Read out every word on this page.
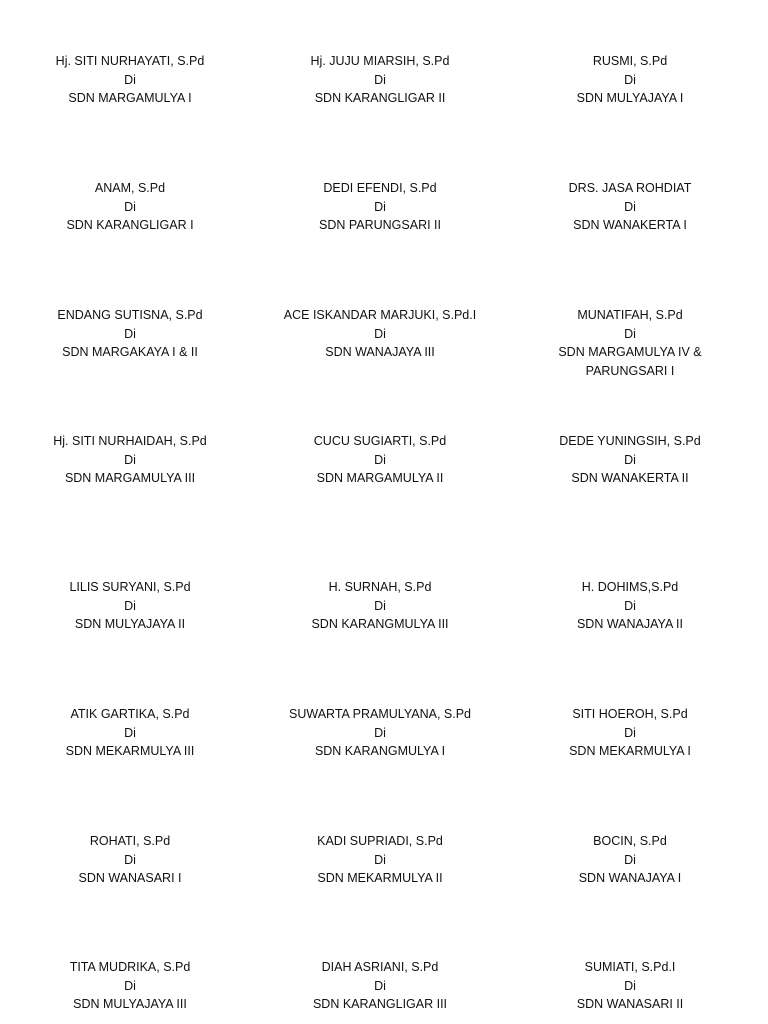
Hj. SITI NURHAYATI, S.Pd
Di
SDN MARGAMULYA I
Hj. JUJU MIARSIH, S.Pd
Di
SDN KARANGLIGAR II
RUSMI, S.Pd
Di
SDN MULYAJAYA I
ANAM, S.Pd
Di
SDN KARANGLIGAR I
DEDI EFENDI, S.Pd
Di
SDN PARUNGSARI II
DRS. JASA ROHDIAT
Di
SDN WANAKERTA I
ENDANG SUTISNA, S.Pd
Di
SDN MARGAKAYA I & II
ACE ISKANDAR MARJUKI, S.Pd.I
Di
SDN WANAJAYA III
MUNATIFAH, S.Pd
Di
SDN MARGAMULYA IV & PARUNGSARI I
Hj. SITI NURHAIDAH, S.Pd
Di
SDN MARGAMULYA III
CUCU SUGIARTI, S.Pd
Di
SDN MARGAMULYA II
DEDE YUNINGSIH, S.Pd
Di
SDN WANAKERTA II
LILIS SURYANI, S.Pd
Di
SDN MULYAJAYA II
H. SURNAH, S.Pd
Di
SDN KARANGMULYA III
H. DOHIMS,S.Pd
Di
SDN WANAJAYA II
ATIK GARTIKA, S.Pd
Di
SDN MEKARMULYA III
SUWARTA PRAMULYANA, S.Pd
Di
SDN KARANGMULYA I
SITI HOEROH, S.Pd
Di
SDN MEKARMULYA I
ROHATI, S.Pd
Di
SDN WANASARI I
KADI SUPRIADI, S.Pd
Di
SDN MEKARMULYA II
BOCIN, S.Pd
Di
SDN WANAJAYA I
TITA MUDRIKA, S.Pd
Di
SDN MULYAJAYA III
DIAH ASRIANI, S.Pd
Di
SDN KARANGLIGAR III
SUMIATI, S.Pd.I
Di
SDN WANASARI II
